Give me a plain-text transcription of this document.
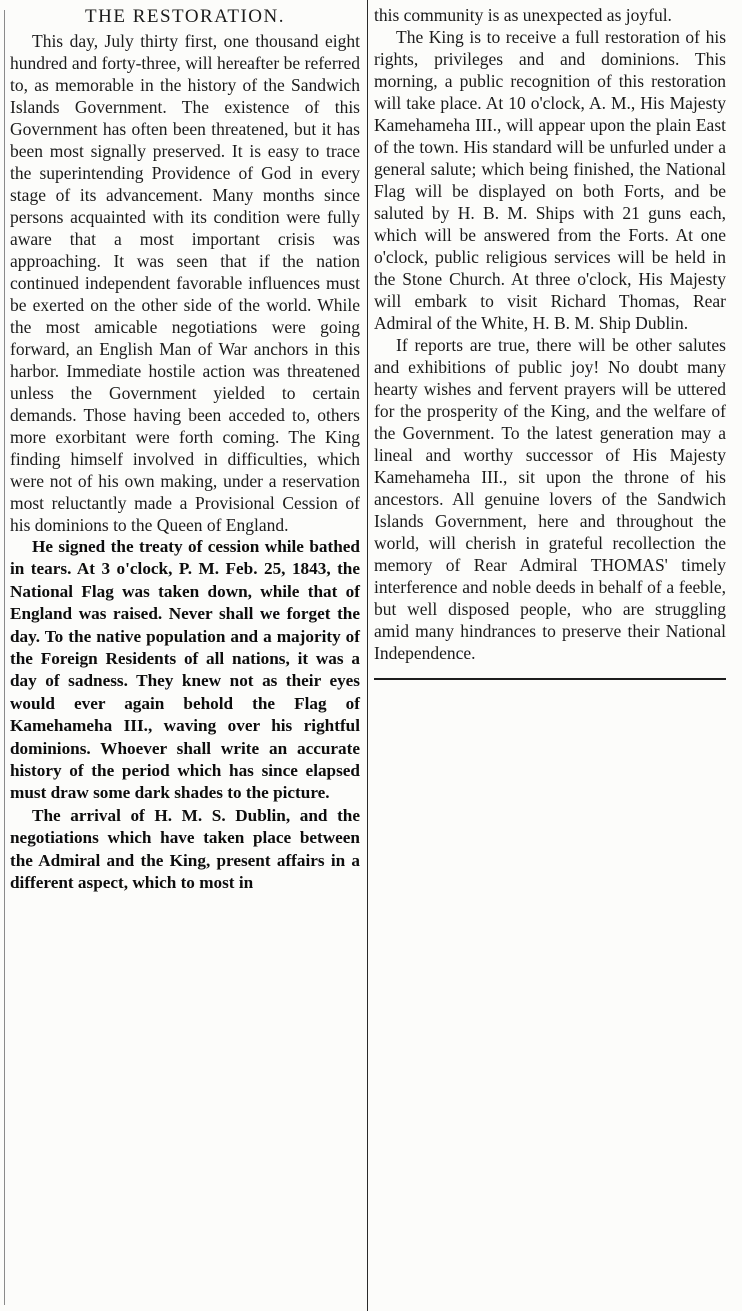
THE RESTORATION.

This day, July thirty first, one thousand eight hundred and forty-three, will hereafter be referred to, as memorable in the history of the Sandwich Islands Government. The existence of this Government has often been threatened, but it has been most signally preserved. It is easy to trace the superintending Providence of God in every stage of its advancement. Many months since persons acquainted with its condition were fully aware that a most important crisis was approaching. It was seen that if the nation continued independent favorable influences must be exerted on the other side of the world. While the most amicable negotiations were going forward, an English Man of War anchors in this harbor. Immediate hostile action was threatened unless the Government yielded to certain demands. Those having been acceded to, others more exorbitant were forth coming. The King finding himself involved in difficulties, which were not of his own making, under a reservation most reluctantly made a Provisional Cession of his dominions to the Queen of England.

He signed the treaty of cession while bathed in tears. At 3 o'clock, P. M. Feb. 25, 1843, the National Flag was taken down, while that of England was raised. Never shall we forget the day. To the native population and a majority of the Foreign Residents of all nations, it was a day of sadness. They knew not as their eyes would ever again behold the Flag of Kamehameha III., waving over his rightful dominions. Whoever shall write an accurate history of the period which has since elapsed must draw some dark shades to the picture.

The arrival of H. M. S. Dublin, and the negotiations which have taken place between the Admiral and the King, present affairs in a different aspect, which to most in

this community is as unexpected as joyful.

The King is to receive a full restoration of his rights, privileges and and dominions. This morning, a public recognition of this restoration will take place. At 10 o'clock, A. M., His Majesty Kamehameha III., will appear upon the plain East of the town. His standard will be unfurled under a general salute; which being finished, the National Flag will be displayed on both Forts, and be saluted by H. B. M. Ships with 21 guns each, which will be answered from the Forts. At one o'clock, public religious services will be held in the Stone Church. At three o'clock, His Majesty will embark to visit Richard Thomas, Rear Admiral of the White, H. B. M. Ship Dublin.

If reports are true, there will be other salutes and exhibitions of public joy! No doubt many hearty wishes and fervent prayers will be uttered for the prosperity of the King, and the welfare of the Government. To the latest generation may a lineal and worthy successor of His Majesty Kamehameha III., sit upon the throne of his ancestors. All genuine lovers of the Sandwich Islands Government, here and throughout the world, will cherish in grateful recollection the memory of Rear Admiral THOMAS' timely interference and noble deeds in behalf of a feeble, but well disposed people, who are struggling amid many hindrances to preserve their National Independence.
